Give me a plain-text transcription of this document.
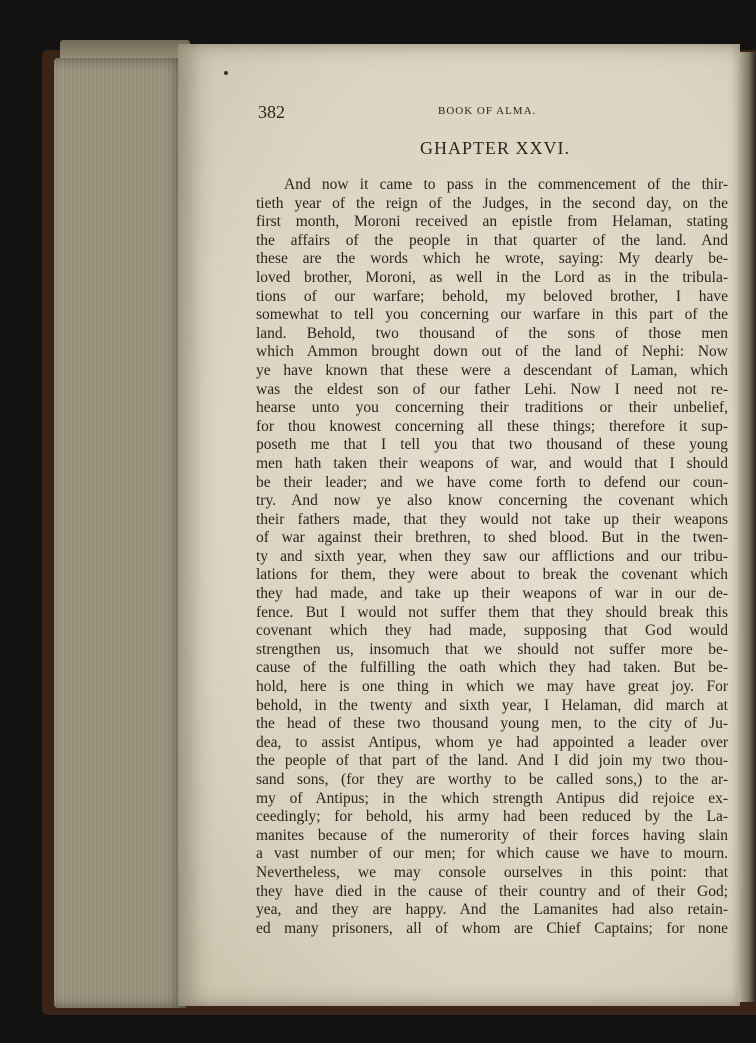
382	BOOK OF ALMA.
GHAPTER XXVI.
And now it came to pass in the commencement of the thir-
tieth year of the reign of the Judges, in the second day, on the
first month, Moroni received an epistle from Helaman, stating
the affairs of the people in that quarter of the land. And
these are the words which he wrote, saying: My dearly be-
loved brother, Moroni, as well in the Lord as in the tribula-
tions of our warfare; behold, my beloved brother, I have
somewhat to tell you concerning our warfare in this part of the
land. Behold, two thousand of the sons of those men
which Ammon brought down out of the land of Nephi: Now
ye have known that these were a descendant of Laman, which
was the eldest son of our father Lehi. Now I need not re-
hearse unto you concerning their traditions or their unbelief,
for thou knowest concerning all these things; therefore it sup-
poseth me that I tell you that two thousand of these young
men hath taken their weapons of war, and would that I should
be their leader; and we have come forth to defend our coun-
try. And now ye also know concerning the covenant which
their fathers made, that they would not take up their weapons
of war against their brethren, to shed blood. But in the twen-
ty and sixth year, when they saw our afflictions and our tribu-
lations for them, they were about to break the covenant which
they had made, and take up their weapons of war in our de-
fence. But I would not suffer them that they should break this
covenant which they had made, supposing that God would
strengthen us, insomuch that we should not suffer more be-
cause of the fulfilling the oath which they had taken. But be-
hold, here is one thing in which we may have great joy. For
behold, in the twenty and sixth year, I Helaman, did march at
the head of these two thousand young men, to the city of Ju-
dea, to assist Antipus, whom ye had appointed a leader over
the people of that part of the land. And I did join my two thou-
sand sons, (for they are worthy to be called sons,) to the ar-
my of Antipus; in the which strength Antipus did rejoice ex-
ceedingly; for behold, his army had been reduced by the La-
manites because of the numerority of their forces having slain
a vast number of our men; for which cause we have to mourn.
Nevertheless, we may console ourselves in this point: that
they have died in the cause of their country and of their God;
yea, and they are happy. And the Lamanites had also retain-
ed many prisoners, all of whom are Chief Captains; for none
